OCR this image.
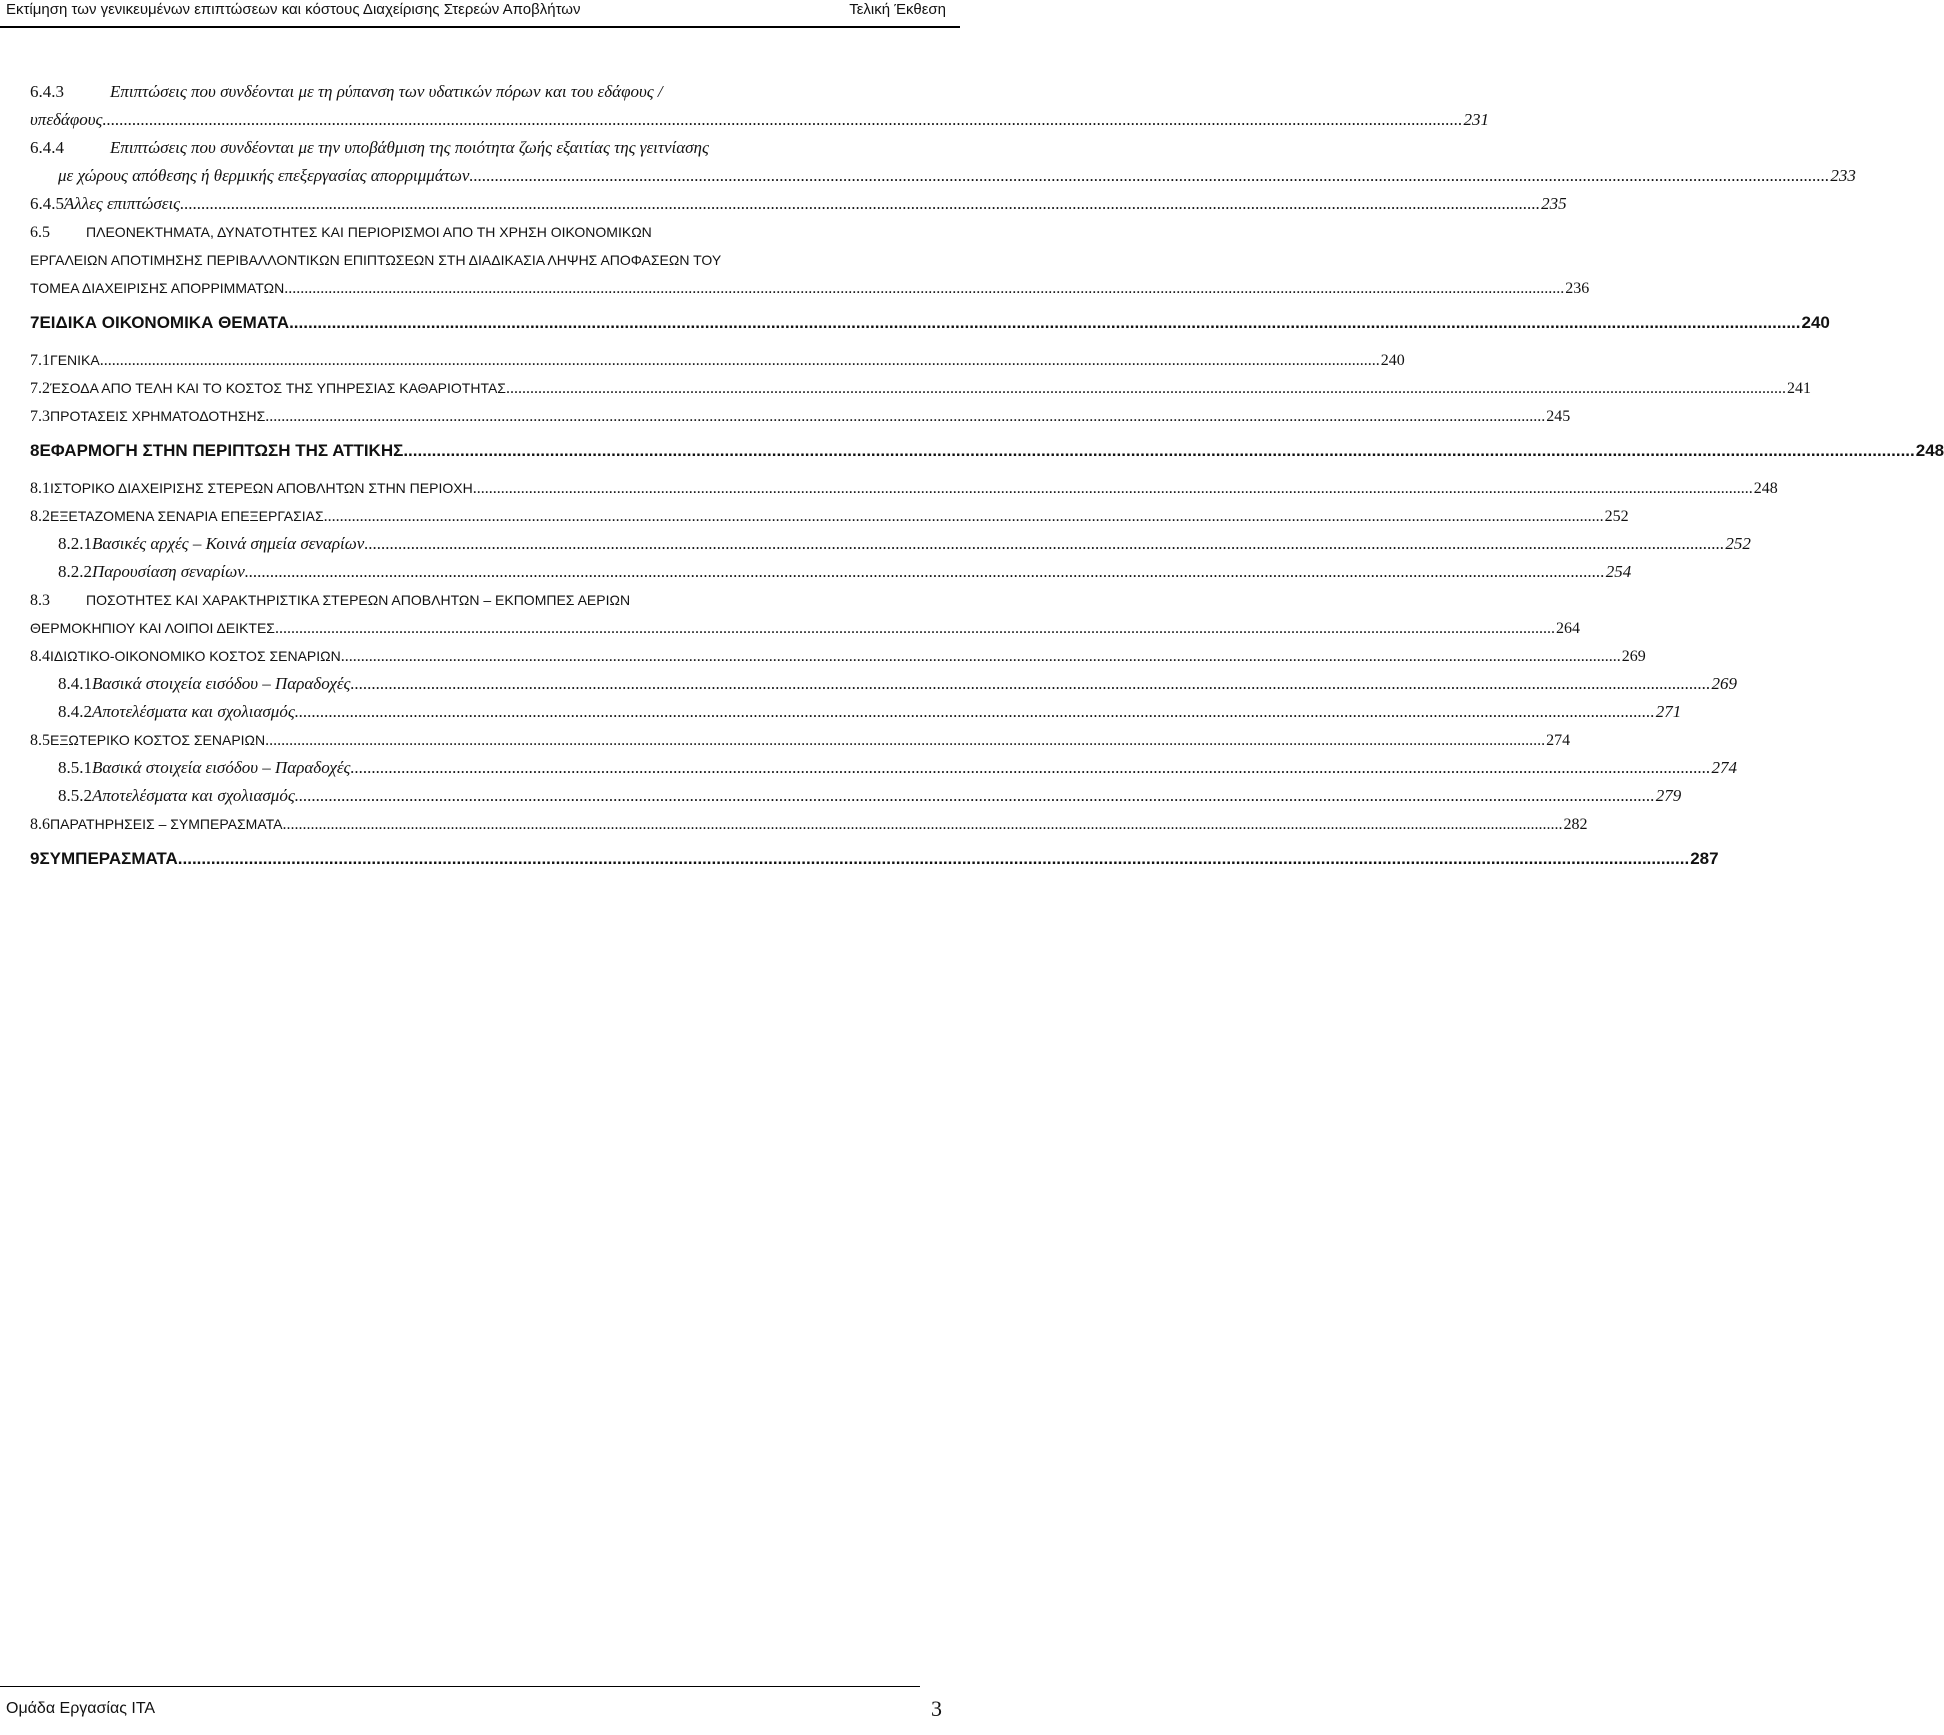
Εκτίμηση των γενικευμένων επιπτώσεων και κόστους Διαχείρισης Στερεών Αποβλήτων	Τελική Έκθεση
6.4.3	Επιπτώσεις που συνδέονται με τη ρύπανση των υδατικών πόρων και του εδάφους /
υπεδάφους .....	231
6.4.4	Επιπτώσεις που συνδέονται με την υποβάθμιση της ποιότητα ζωής εξαιτίας της γειτνίασης
με χώρους απόθεσης ή θερμικής επεξεργασίας απορριμμάτων .....	233
6.4.5 Άλλες επιπτώσεις .....	235
6.5	ΠΛΕΟΝΕΚΤΗΜΑΤΑ, ΔΥΝΑΤΟΤΗΤΕΣ ΚΑΙ ΠΕΡΙΟΡΙΣΜΟΙ ΑΠΟ ΤΗ ΧΡΗΣΗ ΟΙΚΟΝΟΜΙΚΩΝ
ΕΡΓΑΛΕΙΩΝ ΑΠΟΤΙΜΗΣΗΣ ΠΕΡΙΒΑΛΛΟΝΤΙΚΩΝ ΕΠΙΠΤΩΣΕΩΝ ΣΤΗ ΔΙΑΔΙΚΑΣΙΑ ΛΗΨΗΣ ΑΠΟΦΑΣΕΩΝ ΤΟΥ
ΤΟΜΕΑ ΔΙΑΧΕΙΡΙΣΗΣ ΑΠΟΡΡΙΜΜΑΤΩΝ .....	236
7 ΕΙΔΙΚΑ ΟΙΚΟΝΟΜΙΚΑ ΘΕΜΑΤΑ .....	240
7.1 ΓΕΝΙΚΑ .....	240
7.2 ΈΣΟΔΑ ΑΠΟ ΤΕΛΗ ΚΑΙ ΤΟ ΚΟΣΤΟΣ ΤΗΣ ΥΠΗΡΕΣΙΑΣ ΚΑΘΑΡΙΟΤΗΤΑΣ .....	241
7.3 ΠΡΟΤΑΣΕΙΣ ΧΡΗΜΑΤΟΔΟΤΗΣΗΣ .....	245
8 ΕΦΑΡΜΟΓΗ ΣΤΗΝ ΠΕΡΙΠΤΩΣΗ ΤΗΣ ΑΤΤΙΚΗΣ .....	248
8.1 ΙΣΤΟΡΙΚΟ ΔΙΑΧΕΙΡΙΣΗΣ ΣΤΕΡΕΩΝ ΑΠΟΒΛΗΤΩΝ ΣΤΗΝ ΠΕΡΙΟΧΗ .....	248
8.2 ΕΞΕΤΑΖΟΜΕΝΑ ΣΕΝΑΡΙΑ ΕΠΕΞΕΡΓΑΣΙΑΣ .....	252
8.2.1 Βασικές αρχές – Κοινά σημεία σεναρίων .....	252
8.2.2 Παρουσίαση σεναρίων .....	254
8.3	ΠΟΣΟΤΗΤΕΣ ΚΑΙ ΧΑΡΑΚΤΗΡΙΣΤΙΚΑ ΣΤΕΡΕΩΝ ΑΠΟΒΛΗΤΩΝ – ΕΚΠΟΜΠΕΣ ΑΕΡΙΩΝ
ΘΕΡΜΟΚΗΠΙΟΥ ΚΑΙ ΛΟΙΠΟΙ ΔΕΙΚΤΕΣ .....	264
8.4 ΙΔΙΩΤΙΚΟ-ΟΙΚΟΝΟΜΙΚΟ ΚΟΣΤΟΣ ΣΕΝΑΡΙΩΝ .....	269
8.4.1 Βασικά στοιχεία εισόδου – Παραδοχές .....	269
8.4.2 Αποτελέσματα και σχολιασμός .....	271
8.5 ΕΞΩΤΕΡΙΚΟ ΚΟΣΤΟΣ ΣΕΝΑΡΙΩΝ .....	274
8.5.1 Βασικά στοιχεία εισόδου – Παραδοχές .....	274
8.5.2 Αποτελέσματα και σχολιασμός .....	279
8.6 ΠΑΡΑΤΗΡΗΣΕΙΣ – ΣΥΜΠΕΡΑΣΜΑΤΑ .....	282
9 ΣΥΜΠΕΡΑΣΜΑΤΑ .....	287
Ομάδα Εργασίας ΙΤΑ	3
